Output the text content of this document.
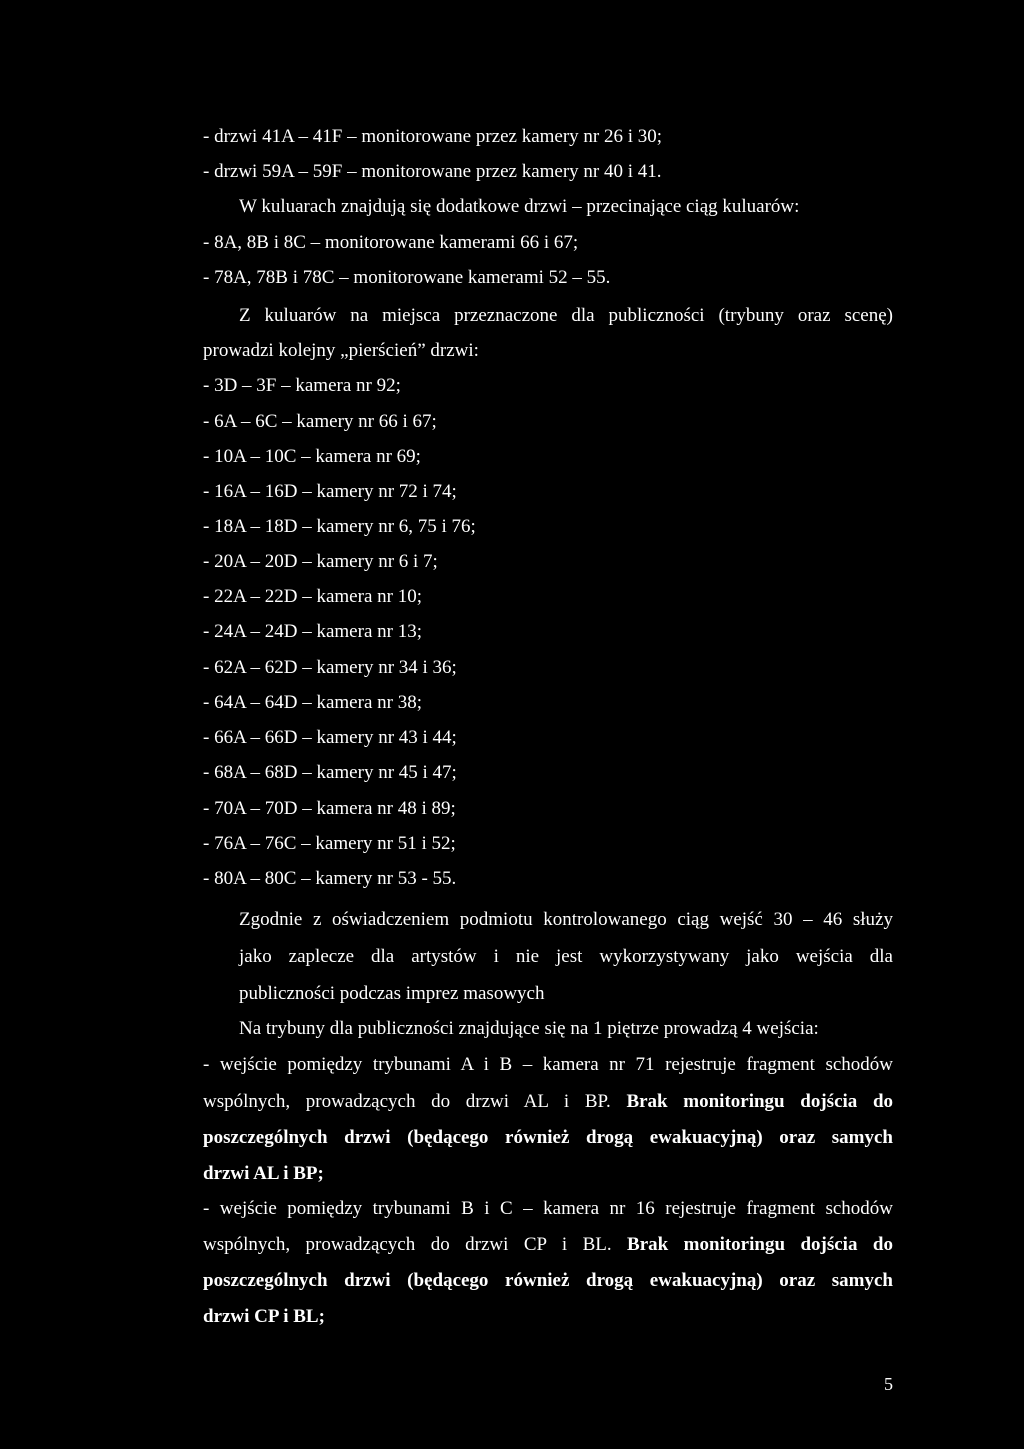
- drzwi 41A – 41F – monitorowane przez kamery nr 26 i 30;
- drzwi 59A – 59F – monitorowane przez kamery nr 40 i 41.
W kuluarach znajdują się dodatkowe drzwi – przecinające ciąg kuluarów:
- 8A, 8B i 8C – monitorowane kamerami 66 i 67;
- 78A, 78B i 78C – monitorowane kamerami 52 – 55.
Z kuluarów na miejsca przeznaczone dla publiczności (trybuny oraz scenę)
prowadzi kolejny „pierścień” drzwi:
- 3D – 3F – kamera nr 92;
- 6A – 6C – kamery nr 66 i 67;
- 10A – 10C – kamera nr 69;
- 16A – 16D – kamery nr 72 i 74;
- 18A – 18D – kamery nr 6, 75 i 76;
- 20A – 20D – kamery nr 6 i 7;
- 22A – 22D – kamera nr 10;
- 24A – 24D – kamera nr 13;
- 62A – 62D – kamery nr 34 i 36;
- 64A – 64D – kamera nr 38;
- 66A – 66D – kamery nr 43 i 44;
- 68A – 68D – kamery nr 45 i 47;
- 70A – 70D – kamera nr 48 i 89;
- 76A – 76C – kamery nr 51 i 52;
- 80A – 80C – kamery nr 53 - 55.
Zgodnie z oświadczeniem podmiotu kontrolowanego ciąg wejść 30 – 46 służy
jako zaplecze dla artystów i nie jest wykorzystywany jako wejścia dla
publiczności podczas imprez masowych
Na trybuny dla publiczności znajdujące się na 1 piętrze prowadzą 4 wejścia:
- wejście pomiędzy trybunami A i B – kamera nr 71 rejestruje fragment schodów
wspólnych, prowadzących do drzwi AL i BP. Brak monitoringu dojścia do
poszczególnych drzwi (będącego również drogą ewakuacyjną) oraz samych
drzwi AL i BP;
- wejście pomiędzy trybunami B i C – kamera nr 16 rejestruje fragment schodów
wspólnych, prowadzących do drzwi CP i BL. Brak monitoringu dojścia do
poszczególnych drzwi (będącego również drogą ewakuacyjną) oraz samych
drzwi CP i BL;
5
